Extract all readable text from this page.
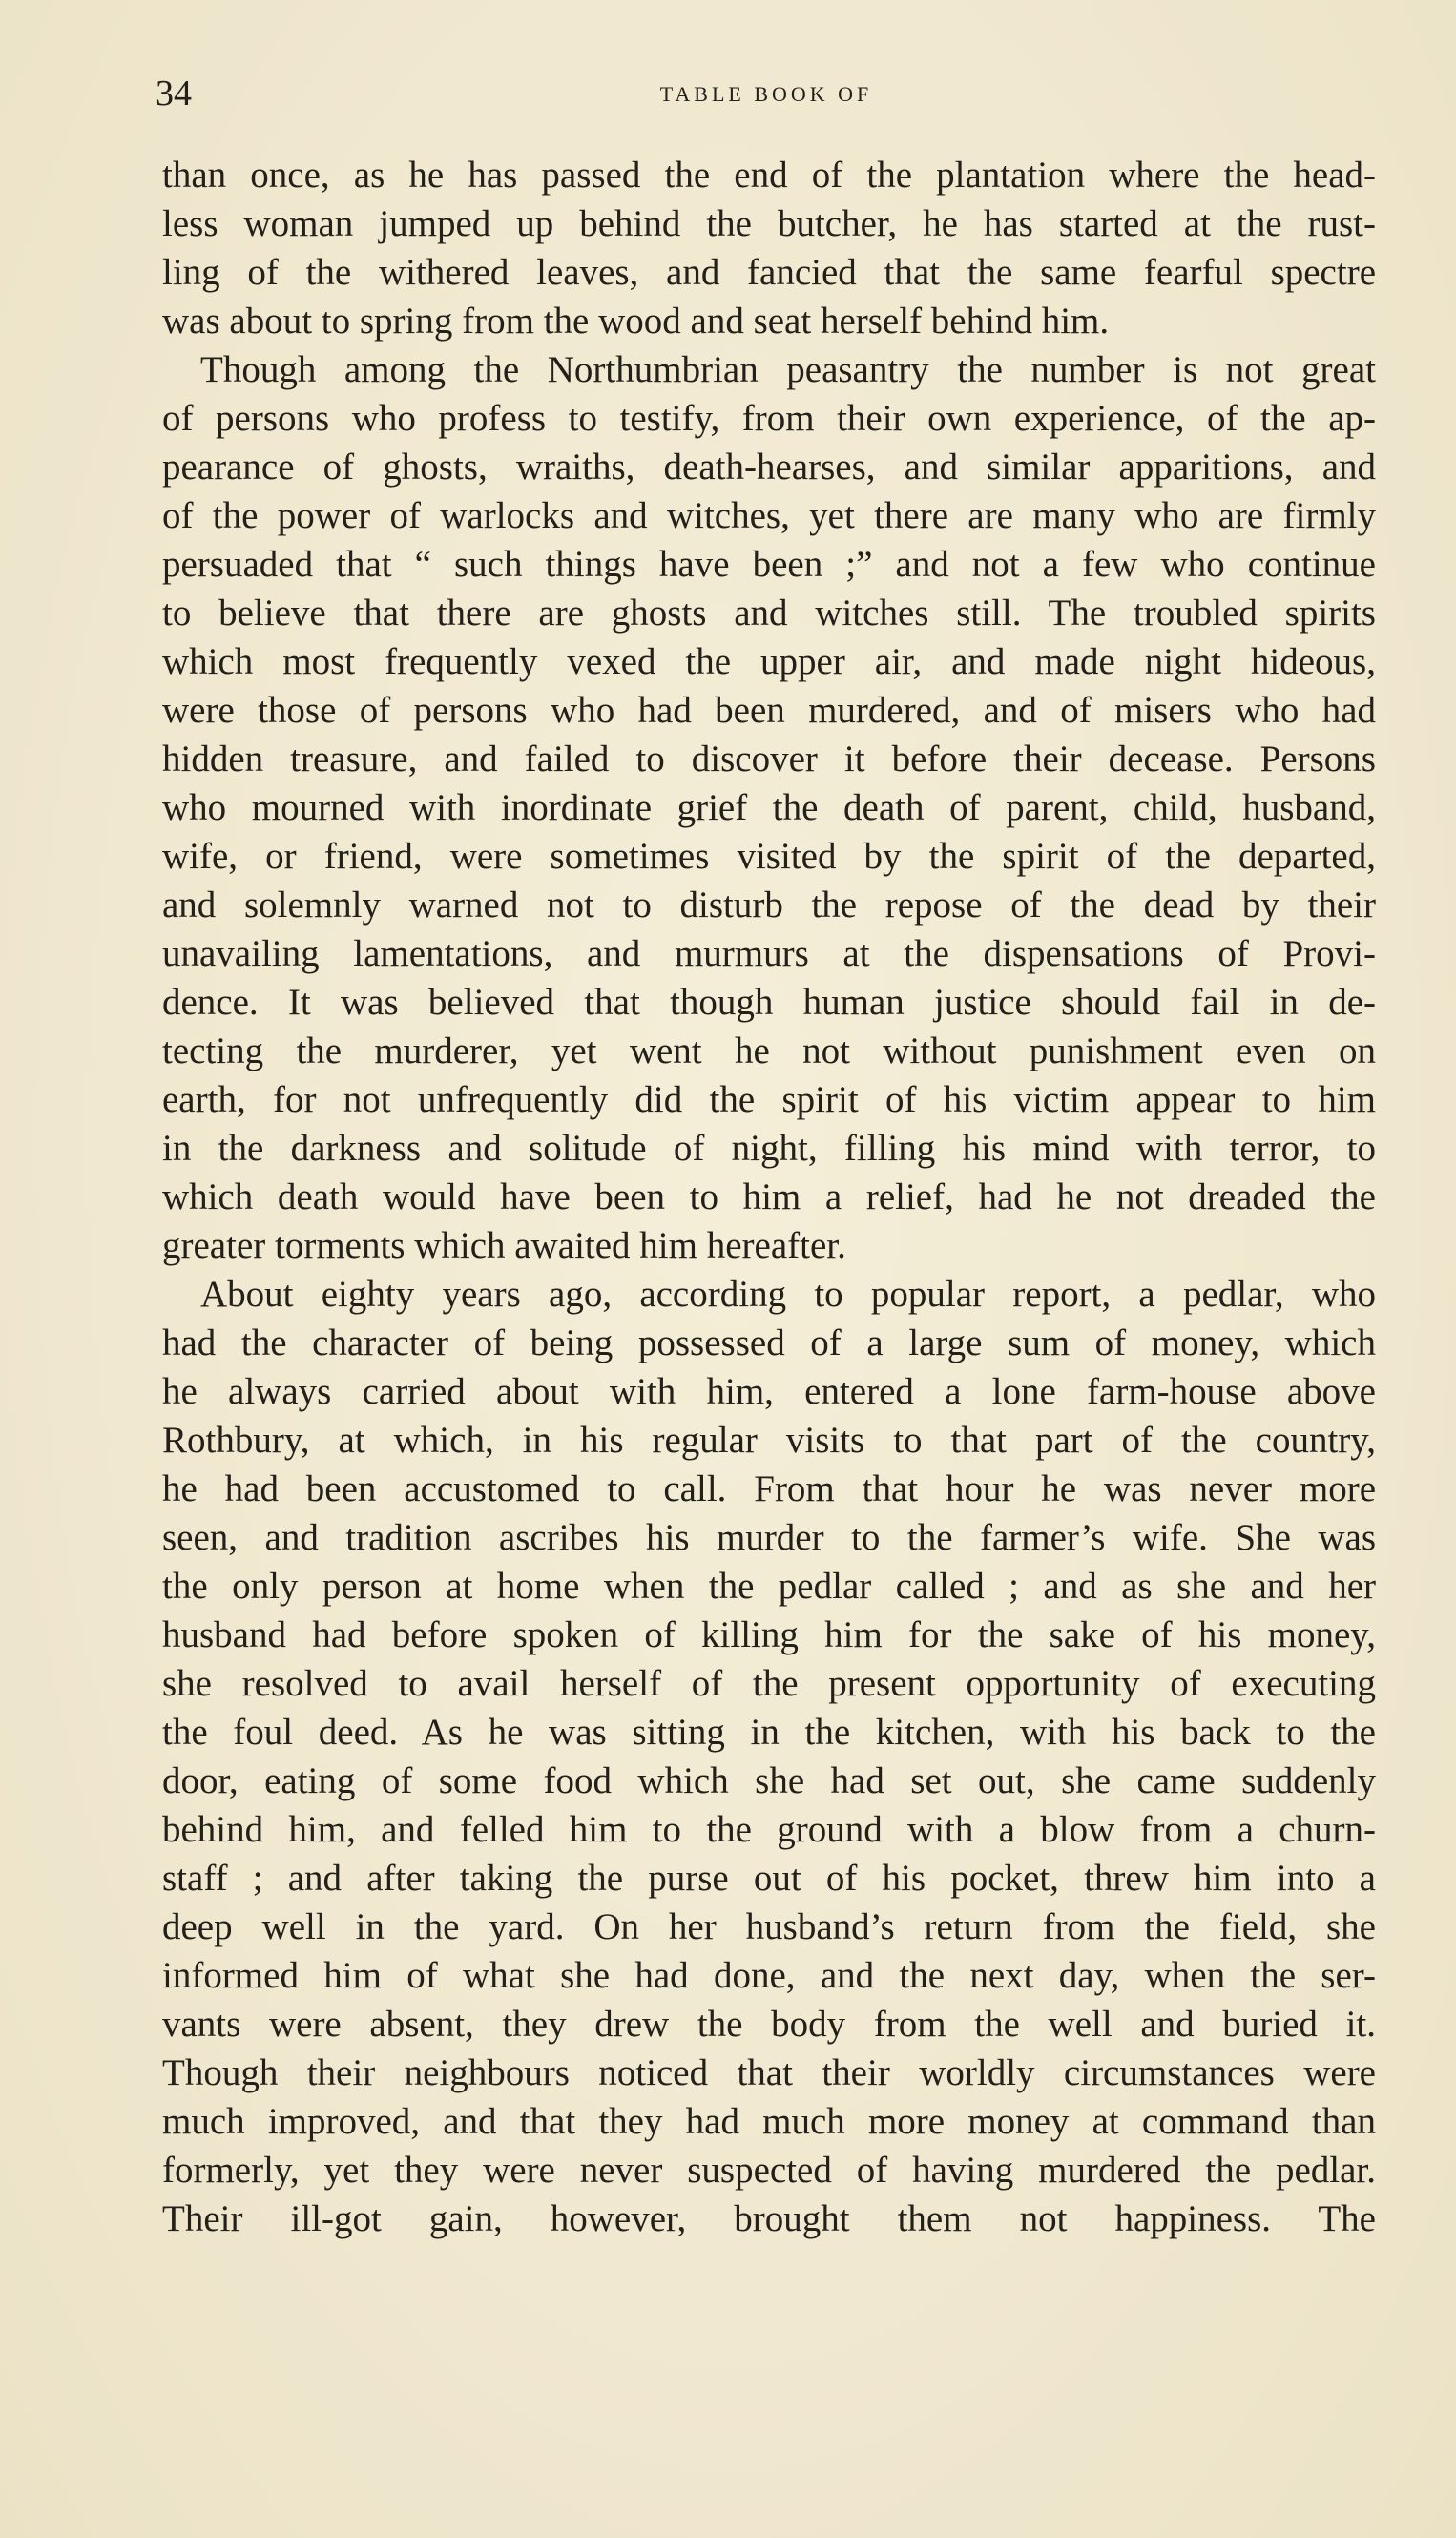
34	TABLE BOOK OF
than once, as he has passed the end of the plantation where the head-
less woman jumped up behind the butcher, he has started at the rust-
ling of the withered leaves, and fancied that the same fearful spectre
was about to spring from the wood and seat herself behind him.
Though among the Northumbrian peasantry the number is not great
of persons who profess to testify, from their own experience, of the ap-
pearance of ghosts, wraiths, death-hearses, and similar apparitions, and
of the power of warlocks and witches, yet there are many who are firmly
persuaded that “ such things have been ;” and not a few who continue
to believe that there are ghosts and witches still. The troubled spirits
which most frequently vexed the upper air, and made night hideous,
were those of persons who had been murdered, and of misers who had
hidden treasure, and failed to discover it before their decease. Persons
who mourned with inordinate grief the death of parent, child, husband,
wife, or friend, were sometimes visited by the spirit of the departed,
and solemnly warned not to disturb the repose of the dead by their
unavailing lamentations, and murmurs at the dispensations of Provi-
dence. It was believed that though human justice should fail in de-
tecting the murderer, yet went he not without punishment even on
earth, for not unfrequently did the spirit of his victim appear to him
in the darkness and solitude of night, filling his mind with terror, to
which death would have been to him a relief, had he not dreaded the
greater torments which awaited him hereafter.
About eighty years ago, according to popular report, a pedlar, who
had the character of being possessed of a large sum of money, which
he always carried about with him, entered a lone farm-house above
Rothbury, at which, in his regular visits to that part of the country,
he had been accustomed to call. From that hour he was never more
seen, and tradition ascribes his murder to the farmer’s wife. She was
the only person at home when the pedlar called ; and as she and her
husband had before spoken of killing him for the sake of his money,
she resolved to avail herself of the present opportunity of executing
the foul deed. As he was sitting in the kitchen, with his back to the
door, eating of some food which she had set out, she came suddenly
behind him, and felled him to the ground with a blow from a churn-
staff ; and after taking the purse out of his pocket, threw him into a
deep well in the yard. On her husband’s return from the field, she
informed him of what she had done, and the next day, when the ser-
vants were absent, they drew the body from the well and buried it.
Though their neighbours noticed that their worldly circumstances were
much improved, and that they had much more money at command than
formerly, yet they were never suspected of having murdered the pedlar.
Their ill-got gain, however, brought them not happiness. The
